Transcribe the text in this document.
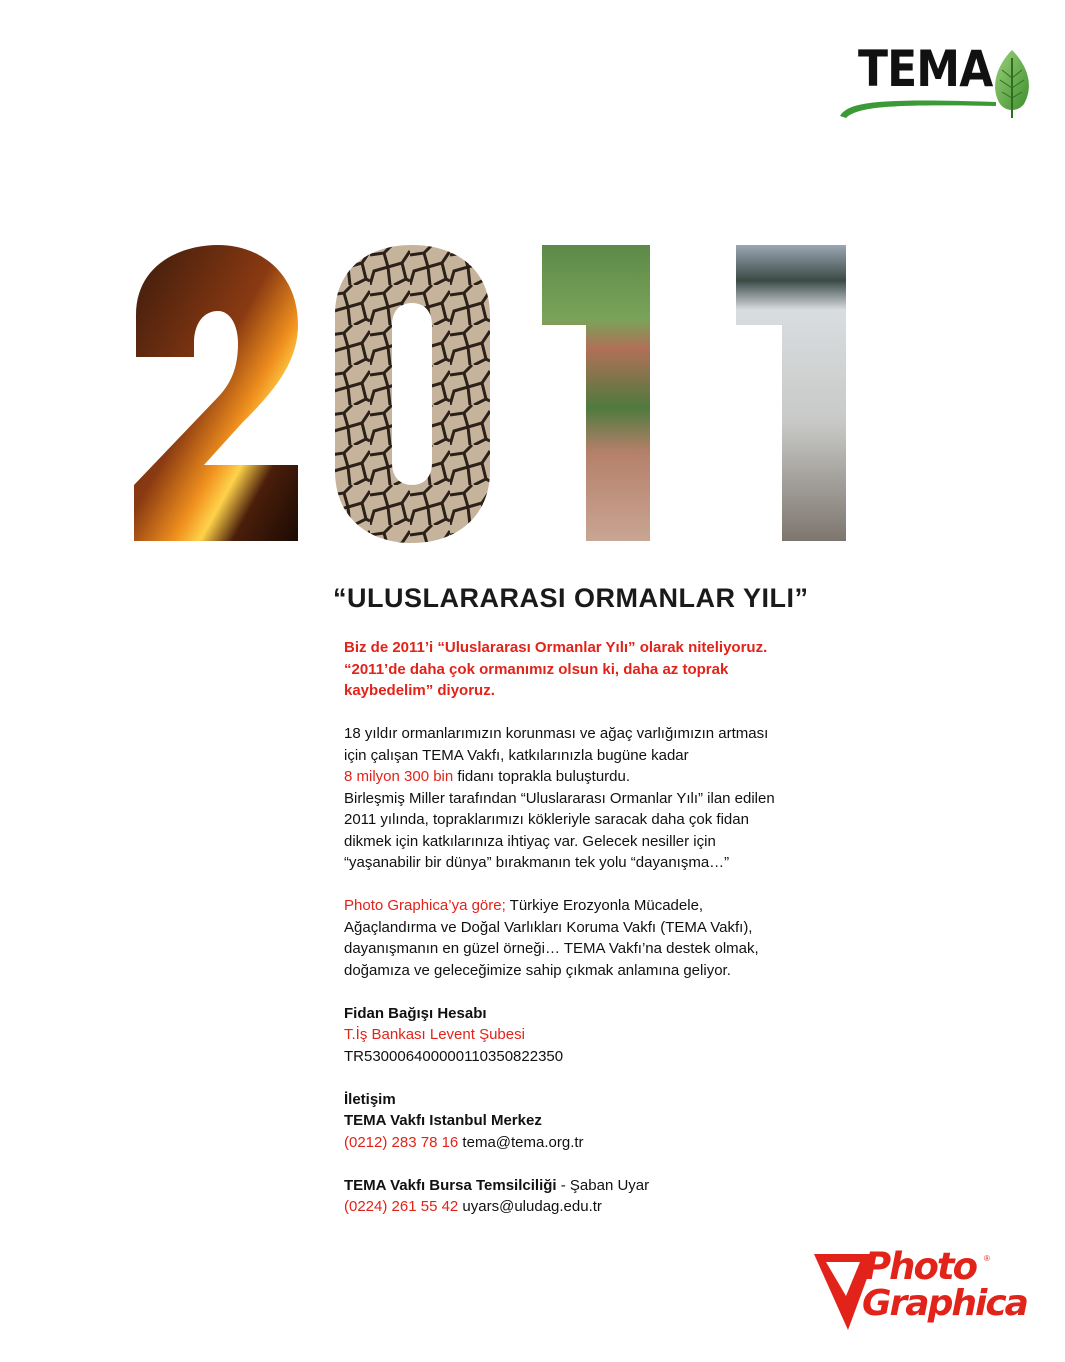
TEMA
“ULUSLARARASI ORMANLAR YILI”

Biz de 2011’i “Uluslararası Ormanlar Yılı” olarak niteliyoruz.

“2011’de daha çok ormanımız olsun ki, daha az toprak

kaybedelim” diyoruz.

18 yıldır ormanlarımızın korunması ve ağaç varlığımızın artması

için çalışan TEMA Vakfı, katkılarınızla bugüne kadar

8 milyon 300 bin fidanı toprakla buluşturdu.

Birleşmiş Miller tarafından “Uluslararası Ormanlar Yılı” ilan edilen

2011 yılında, topraklarımızı kökleriyle saracak daha çok fidan

dikmek için katkılarınıza ihtiyaç var. Gelecek nesiller için

“yaşanabilir bir dünya” bırakmanın tek yolu “dayanışma…”

Photo Graphica’ya göre; Türkiye Erozyonla Mücadele,

Ağaçlandırma ve Doğal Varlıkları Koruma Vakfı (TEMA Vakfı),

dayanışmanın en güzel örneği… TEMA Vakfı’na destek olmak,

doğamıza ve geleceğimize sahip çıkmak anlamına geliyor.

Fidan Bağışı Hesabı

T.İş Bankası Levent Şubesi

TR530006400000110350822350

İletişim

TEMA Vakfı Istanbul Merkez

(0212) 283 78 16 tema@tema.org.tr

TEMA Vakfı Bursa Temsilciliği - Şaban Uyar

(0224) 261 55 42 uyars@uludag.edu.tr

Photo ®
Graphica
